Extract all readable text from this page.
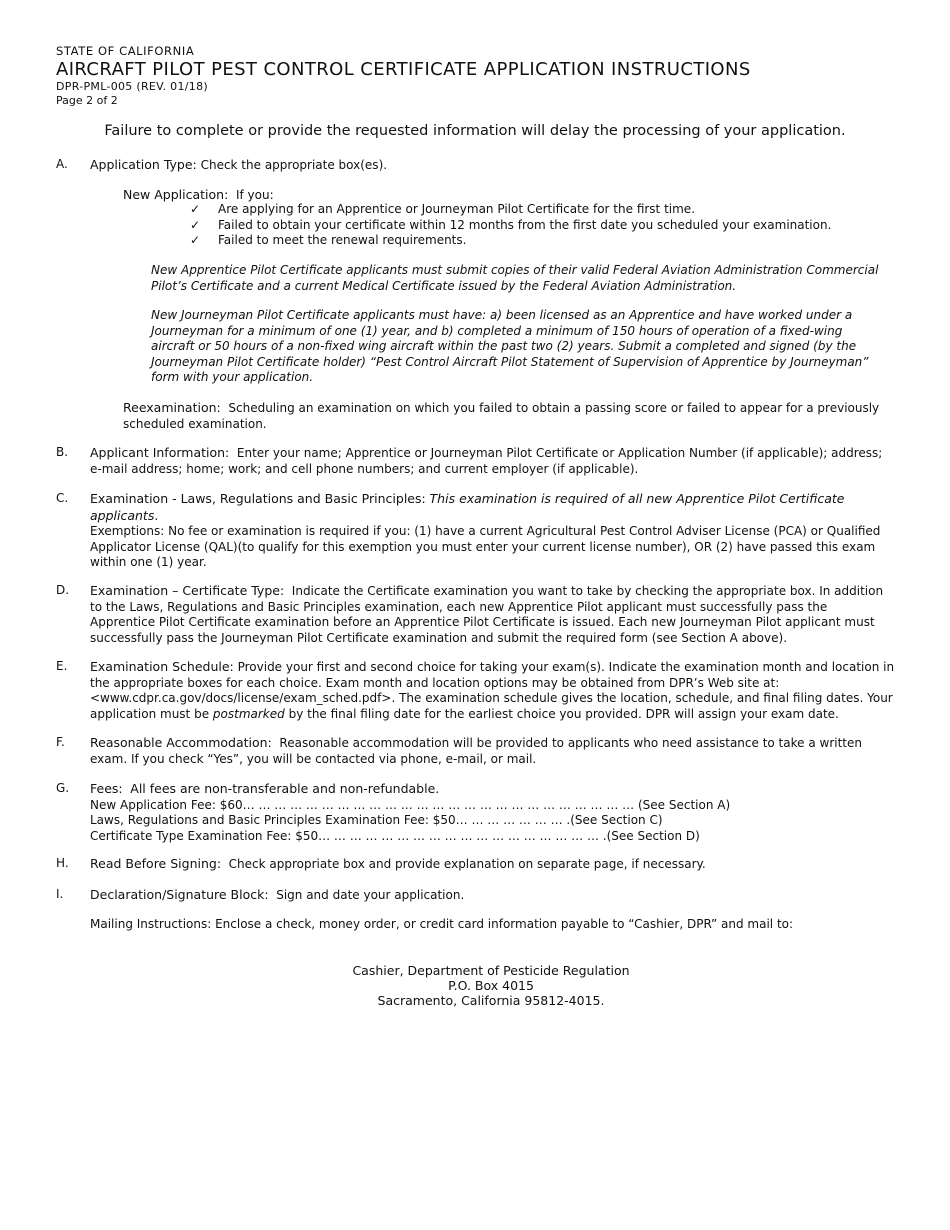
STATE OF CALIFORNIA
AIRCRAFT PILOT PEST CONTROL CERTIFICATE APPLICATION INSTRUCTIONS
DPR-PML-005 (REV. 01/18)
Page 2 of 2
Failure to complete or provide the requested information will delay the processing of your application.
A.	Application Type: Check the appropriate box(es).
New Application: If you:
✓ Are applying for an Apprentice or Journeyman Pilot Certificate for the first time.
✓ Failed to obtain your certificate within 12 months from the first date you scheduled your examination.
✓ Failed to meet the renewal requirements.
New Apprentice Pilot Certificate applicants must submit copies of their valid Federal Aviation Administration Commercial Pilot’s Certificate and a current Medical Certificate issued by the Federal Aviation Administration.
New Journeyman Pilot Certificate applicants must have: a) been licensed as an Apprentice and have worked under a Journeyman for a minimum of one (1) year, and b) completed a minimum of 150 hours of operation of a fixed-wing aircraft or 50 hours of a non-fixed wing aircraft within the past two (2) years. Submit a completed and signed (by the Journeyman Pilot Certificate holder) “Pest Control Aircraft Pilot Statement of Supervision of Apprentice by Journeyman” form with your application.
Reexamination: Scheduling an examination on which you failed to obtain a passing score or failed to appear for a previously scheduled examination.
B.	Applicant Information: Enter your name; Apprentice or Journeyman Pilot Certificate or Application Number (if applicable); address; e-mail address; home; work; and cell phone numbers; and current employer (if applicable).
C.	Examination - Laws, Regulations and Basic Principles: This examination is required of all new Apprentice Pilot Certificate applicants.
Exemptions: No fee or examination is required if you: (1) have a current Agricultural Pest Control Adviser License (PCA) or Qualified Applicator License (QAL)(to qualify for this exemption you must enter your current license number), OR (2) have passed this exam within one (1) year.
D.	Examination – Certificate Type: Indicate the Certificate examination you want to take by checking the appropriate box. In addition to the Laws, Regulations and Basic Principles examination, each new Apprentice Pilot applicant must successfully pass the Apprentice Pilot Certificate examination before an Apprentice Pilot Certificate is issued. Each new Journeyman Pilot applicant must successfully pass the Journeyman Pilot Certificate examination and submit the required form (see Section A above).
E.	Examination Schedule: Provide your first and second choice for taking your exam(s). Indicate the examination month and location in the appropriate boxes for each choice. Exam month and location options may be obtained from DPR’s Web site at: <www.cdpr.ca.gov/docs/license/exam_sched.pdf>. The examination schedule gives the location, schedule, and final filing dates. Your application must be postmarked by the final filing date for the earliest choice you provided. DPR will assign your exam date.
F.	Reasonable Accommodation: Reasonable accommodation will be provided to applicants who need assistance to take a written exam. If you check “Yes”, you will be contacted via phone, e-mail, or mail.
G.	Fees: All fees are non-transferable and non-refundable.
New Application Fee: $60… … … … … … … … … … … … … … … … … … … … … … … … … (See Section A)
Laws, Regulations and Basic Principles Examination Fee: $50… … … … … … … .(See Section C)
Certificate Type Examination Fee: $50… … … … … … … … … … … … … … … … … … .(See Section D)
H.	Read Before Signing: Check appropriate box and provide explanation on separate page, if necessary.
I.	Declaration/Signature Block: Sign and date your application.
Mailing Instructions: Enclose a check, money order, or credit card information payable to “Cashier, DPR” and mail to:
Cashier, Department of Pesticide Regulation
P.O. Box 4015
Sacramento, California 95812-4015.
